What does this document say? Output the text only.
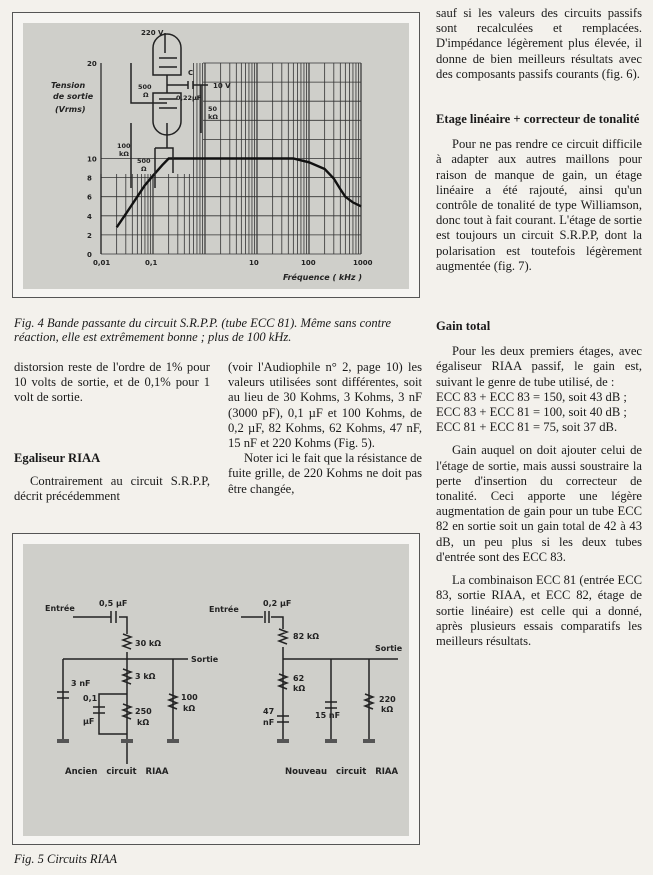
0
2
4
6
8
10
20
0,01	0,1	10	100	1000
Tension
de sortie
(Vrms)
Fréquence ( kHz )
220 V
C
10 V
0,22µF
500
Ω
50
kΩ
100
kΩ
500
Ω
Fig. 4 Bande passante du circuit S.R.P.P. (tube ECC 81). Même sans contre réaction, elle est extrêmement bonne ; plus de 100 kHz.

distorsion reste de l'ordre de 1% pour 10 volts de sortie, et de 0,1% pour 1 volt de sortie.

Egaliseur RIAA

Contrairement au circuit S.R.P.P, décrit précédemment

(voir l'Audiophile n° 2, page 10) les valeurs utilisées sont différentes, soit au lieu de 30 Kohms, 3 Kohms, 3 nF (3000 pF), 0,1 µF et 100 Kohms, de 0,2 µF, 82 Kohms, 62 Kohms, 47 nF, 15 nF et 220 Kohms (Fig. 5).

Noter ici le fait que la résistance de fuite grille, de 220 Kohms ne doit pas être changée,

Entrée
0,5 µF
30 kΩ
Sortie
3 kΩ
3 nF
0,1
µF
250
kΩ
100
kΩ
Ancien circuit RIAA
Entrée
0,2 µF
82 kΩ
Sortie
62
kΩ
47
nF
15 nF
220
kΩ
Nouveau circuit RIAA
Fig. 5 Circuits RIAA

sauf si les valeurs des circuits passifs sont recalculées et remplacées. D'impédance légèrement plus élevée, il donne de bien meilleurs résultats avec des composants passifs courants (fig. 6).

Etage linéaire + correcteur de tonalité

Pour ne pas rendre ce circuit difficile à adapter aux autres maillons pour raison de manque de gain, un étage linéaire a été rajouté, ainsi qu'un contrôle de tonalité de type Williamson, donc tout à fait courant. L'étage de sortie est toujours un circuit S.R.P.P, dont la polarisation est toutefois légèrement augmentée (fig. 7).

Gain total

Pour les deux premiers étages, avec égaliseur RIAA passif, le gain est, suivant le genre de tube utilisé, de :

ECC 83 + ECC 83 = 150, soit 43 dB ;

ECC 83 + ECC 81 = 100, soit 40 dB ;

ECC 81 + ECC 81 = 75, soit 37 dB.

Gain auquel on doit ajouter celui de l'étage de sortie, mais aussi soustraire la perte d'insertion du correcteur de tonalité. Ceci apporte une légère augmentation de gain pour un tube ECC 82 en sortie soit un gain total de 42 à 43 dB, un peu plus si les deux tubes d'entrée sont des ECC 83.

La combinaison ECC 81 (entrée ECC 83, sortie RIAA, et ECC 82, étage de sortie linéaire) est celle qui a donné, après plusieurs essais comparatifs les meilleurs résultats.
